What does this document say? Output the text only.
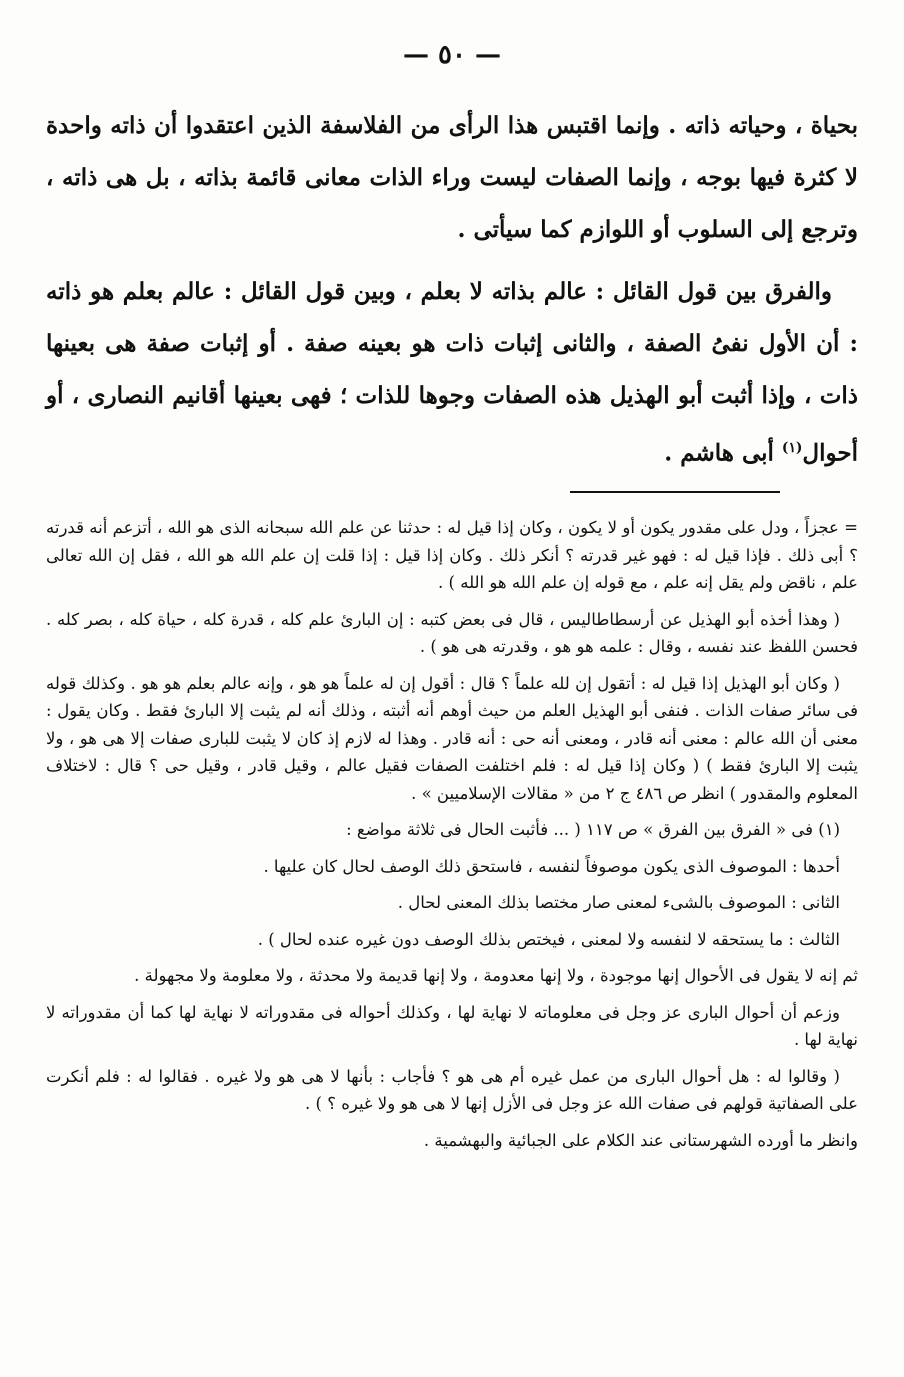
— ٥٠ —

بحياة ، وحياته ذاته . وإنما اقتبس هذا الرأى من الفلاسفة الذين اعتقدوا أن ذاته واحدة لا كثرة فيها بوجه ، وإنما الصفات ليست وراء الذات معانى قائمة بذاته ، بل هى ذاته ، وترجع إلى السلوب أو اللوازم كما سيأتى .

والفرق بين قول القائل : عالم بذاته لا بعلم ، وبين قول القائل : عالم بعلم هو ذاته : أن الأول نفىُ الصفة ، والثانى إثبات ذات هو بعينه صفة . أو إثبات صفة هى بعينها ذات ، وإذا أثبت أبو الهذيل هذه الصفات وجوها للذات ؛ فهى بعينها أقانيم النصارى ، أو أحوال$^{(١)}$ أبى هاشم .

= عجزاً ، ودل على مقدور يكون أو لا يكون ، وكان إذا قيل له : حدثنا عن علم الله سبحانه الذى هو الله ، أتزعم أنه قدرته ؟ أبى ذلك . فإذا قيل له : فهو غير قدرته ؟ أنكر ذلك . وكان إذا قيل : إذا قلت إن علم الله هو الله ، فقل إن الله تعالى علم ، ناقض ولم يقل إنه علم ، مع قوله إن علم الله هو الله ) .

( وهذا أخذه أبو الهذيل عن أرسطاطاليس ، قال فى بعض كتبه : إن البارئ علم كله ، قدرة كله ، حياة كله ، بصر كله . فحسن اللفظ عند نفسه ، وقال : علمه هو هو ، وقدرته هى هو ) .

( وكان أبو الهذيل إذا قيل له : أتقول إن لله علماً ؟ قال : أقول إن له علماً هو هو ، وإنه عالم بعلم هو هو . وكذلك قوله فى سائر صفات الذات . فنفى أبو الهذيل العلم من حيث أوهم أنه أثبته ، وذلك أنه لم يثبت إلا البارئ فقط . وكان يقول : معنى أن الله عالم : معنى أنه قادر ، ومعنى أنه حى : أنه قادر . وهذا له لازم إذ كان لا يثبت للبارى صفات إلا هى هو ، ولا يثبت إلا البارئ فقط ) ( وكان إذا قيل له : فلم اختلفت الصفات فقيل عالم ، وقيل قادر ، وقيل حى ؟ قال : لاختلاف المعلوم والمقدور ) انظر ص ٤٨٦ ج ٢ من « مقالات الإسلاميين » .

(١) فى « الفرق بين الفرق » ص ١١٧ ( ... فأثبت الحال فى ثلاثة مواضع :

أحدها : الموصوف الذى يكون موصوفاً لنفسه ، فاستحق ذلك الوصف لحال كان عليها .

الثانى : الموصوف بالشىء لمعنى صار مختصا بذلك المعنى لحال .

الثالث : ما يستحقه لا لنفسه ولا لمعنى ، فيختص بذلك الوصف دون غيره عنده لحال ) .

ثم إنه لا يقول فى الأحوال إنها موجودة ، ولا إنها معدومة ، ولا إنها قديمة ولا محدثة ، ولا معلومة ولا مجهولة .

وزعم أن أحوال البارى عز وجل فى معلوماته لا نهاية لها ، وكذلك أحواله فى مقدوراته لا نهاية لها كما أن مقدوراته لا نهاية لها .

( وقالوا له : هل أحوال البارى من عمل غيره أم هى هو ؟ فأجاب : بأنها لا هى هو ولا غيره . فقالوا له : فلم أنكرت على الصفاتية قولهم فى صفات الله عز وجل فى الأزل إنها لا هى هو ولا غيره ؟ ) .

وانظر ما أورده الشهرستانى عند الكلام على الجبائية والبهشمية .
